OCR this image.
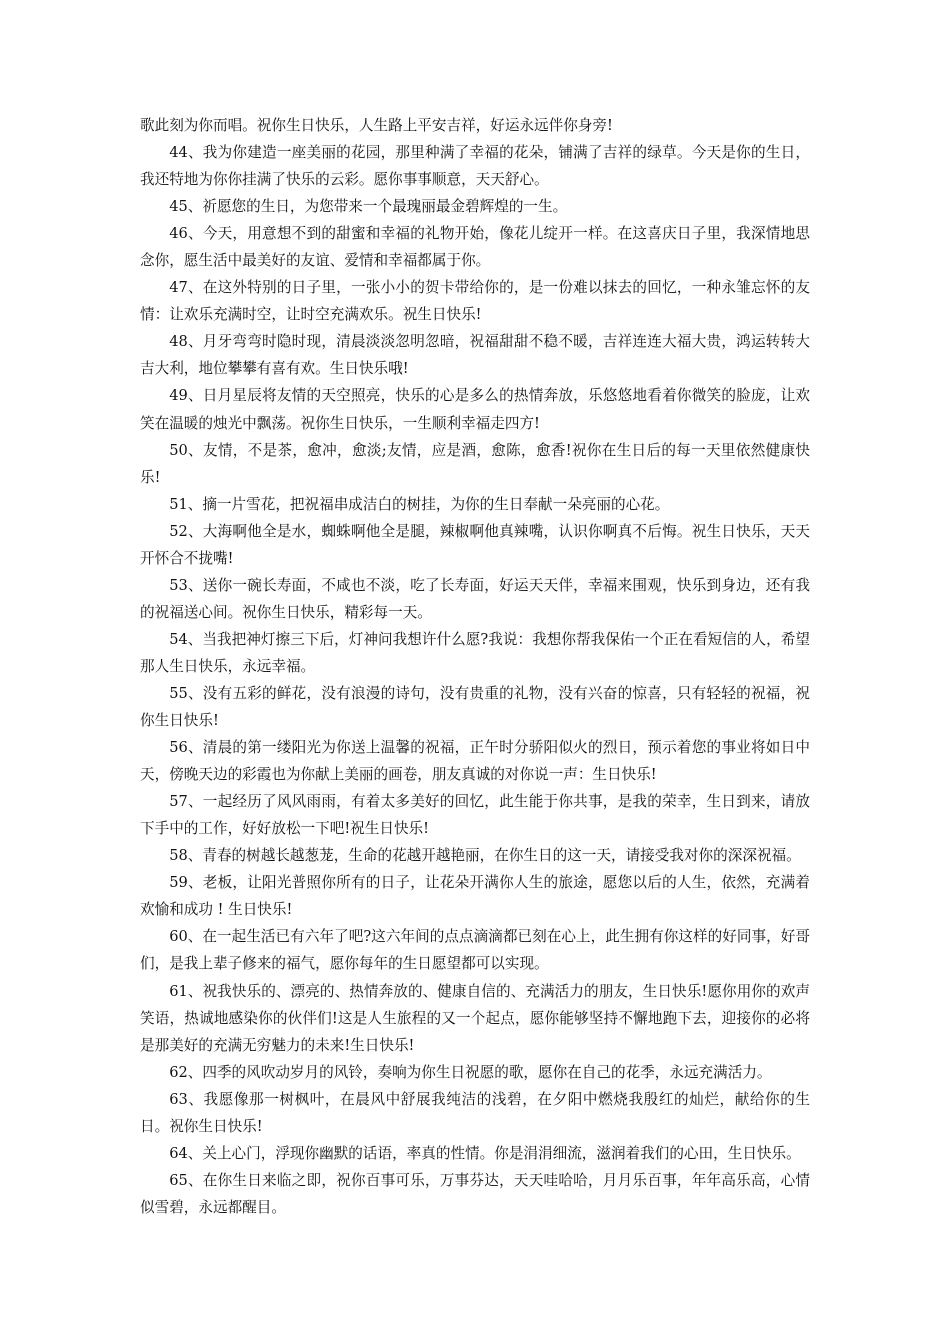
歌此刻为你而唱。祝你生日快乐，人生路上平安吉祥，好运永远伴你身旁!

44、我为你建造一座美丽的花园，那里种满了幸福的花朵，铺满了吉祥的绿草。今天是你的生日，我还特地为你你挂满了快乐的云彩。愿你事事顺意，天天舒心。

45、祈愿您的生日，为您带来一个最瑰丽最金碧辉煌的一生。

46、今天，用意想不到的甜蜜和幸福的礼物开始，像花儿绽开一样。在这喜庆日子里，我深情地思念你，愿生活中最美好的友谊、爱情和幸福都属于你。

47、在这外特别的日子里，一张小小的贺卡带给你的，是一份难以抹去的回忆，一种永雏忘怀的友情：让欢乐充满时空，让时空充满欢乐。祝生日快乐!

48、月牙弯弯时隐时现，清晨淡淡忽明忽暗，祝福甜甜不稳不暖，吉祥连连大福大贵，鸿运转转大吉大利，地位攀攀有喜有欢。生日快乐哦!

49、日月星辰将友情的天空照亮，快乐的心是多么的热情奔放，乐悠悠地看着你微笑的脸庞，让欢笑在温暖的烛光中飘荡。祝你生日快乐，一生顺利幸福走四方!

50、友情，不是茶，愈冲，愈淡;友情，应是酒，愈陈，愈香!祝你在生日后的每一天里依然健康快乐!

51、摘一片雪花，把祝福串成洁白的树挂，为你的生日奉献一朵亮丽的心花。

52、大海啊他全是水，蜘蛛啊他全是腿，辣椒啊他真辣嘴，认识你啊真不后悔。祝生日快乐，天天开怀合不拢嘴!

53、送你一碗长寿面，不咸也不淡，吃了长寿面，好运天天伴，幸福来围观，快乐到身边，还有我的祝福送心间。祝你生日快乐，精彩每一天。

54、当我把神灯擦三下后，灯神问我想许什么愿?我说：我想你帮我保佑一个正在看短信的人，希望那人生日快乐，永远幸福。

55、没有五彩的鲜花，没有浪漫的诗句，没有贵重的礼物，没有兴奋的惊喜，只有轻轻的祝福，祝你生日快乐!

56、清晨的第一缕阳光为你送上温馨的祝福，正午时分骄阳似火的烈日，预示着您的事业将如日中天，傍晚天边的彩霞也为你献上美丽的画卷，朋友真诚的对你说一声：生日快乐!

57、一起经历了风风雨雨，有着太多美好的回忆，此生能于你共事，是我的荣幸，生日到来，请放下手中的工作，好好放松一下吧!祝生日快乐!

58、青春的树越长越葱茏，生命的花越开越艳丽，在你生日的这一天，请接受我对你的深深祝福。

59、老板，让阳光普照你所有的日子，让花朵开满你人生的旅途，愿您以后的人生，依然，充满着欢愉和成功 ! 生日快乐!

60、在一起生活已有六年了吧?这六年间的点点滴滴都已刻在心上，此生拥有你这样的好同事，好哥们，是我上辈子修来的福气，愿你每年的生日愿望都可以实现。

61、祝我快乐的、漂亮的、热情奔放的、健康自信的、充满活力的朋友，生日快乐!愿你用你的欢声笑语，热诚地感染你的伙伴们!这是人生旅程的又一个起点，愿你能够坚持不懈地跑下去，迎接你的必将是那美好的充满无穷魅力的未来!生日快乐!

62、四季的风吹动岁月的风铃，奏响为你生日祝愿的歌，愿你在自己的花季，永远充满活力。

63、我愿像那一树枫叶，在晨风中舒展我纯洁的浅碧，在夕阳中燃烧我殷红的灿烂，献给你的生日。祝你生日快乐!

64、关上心门，浮现你幽默的话语，率真的性情。你是涓涓细流，滋润着我们的心田，生日快乐。

65、在你生日来临之即，祝你百事可乐，万事芬达，天天哇哈哈，月月乐百事，年年高乐高，心情似雪碧，永远都醒目。
